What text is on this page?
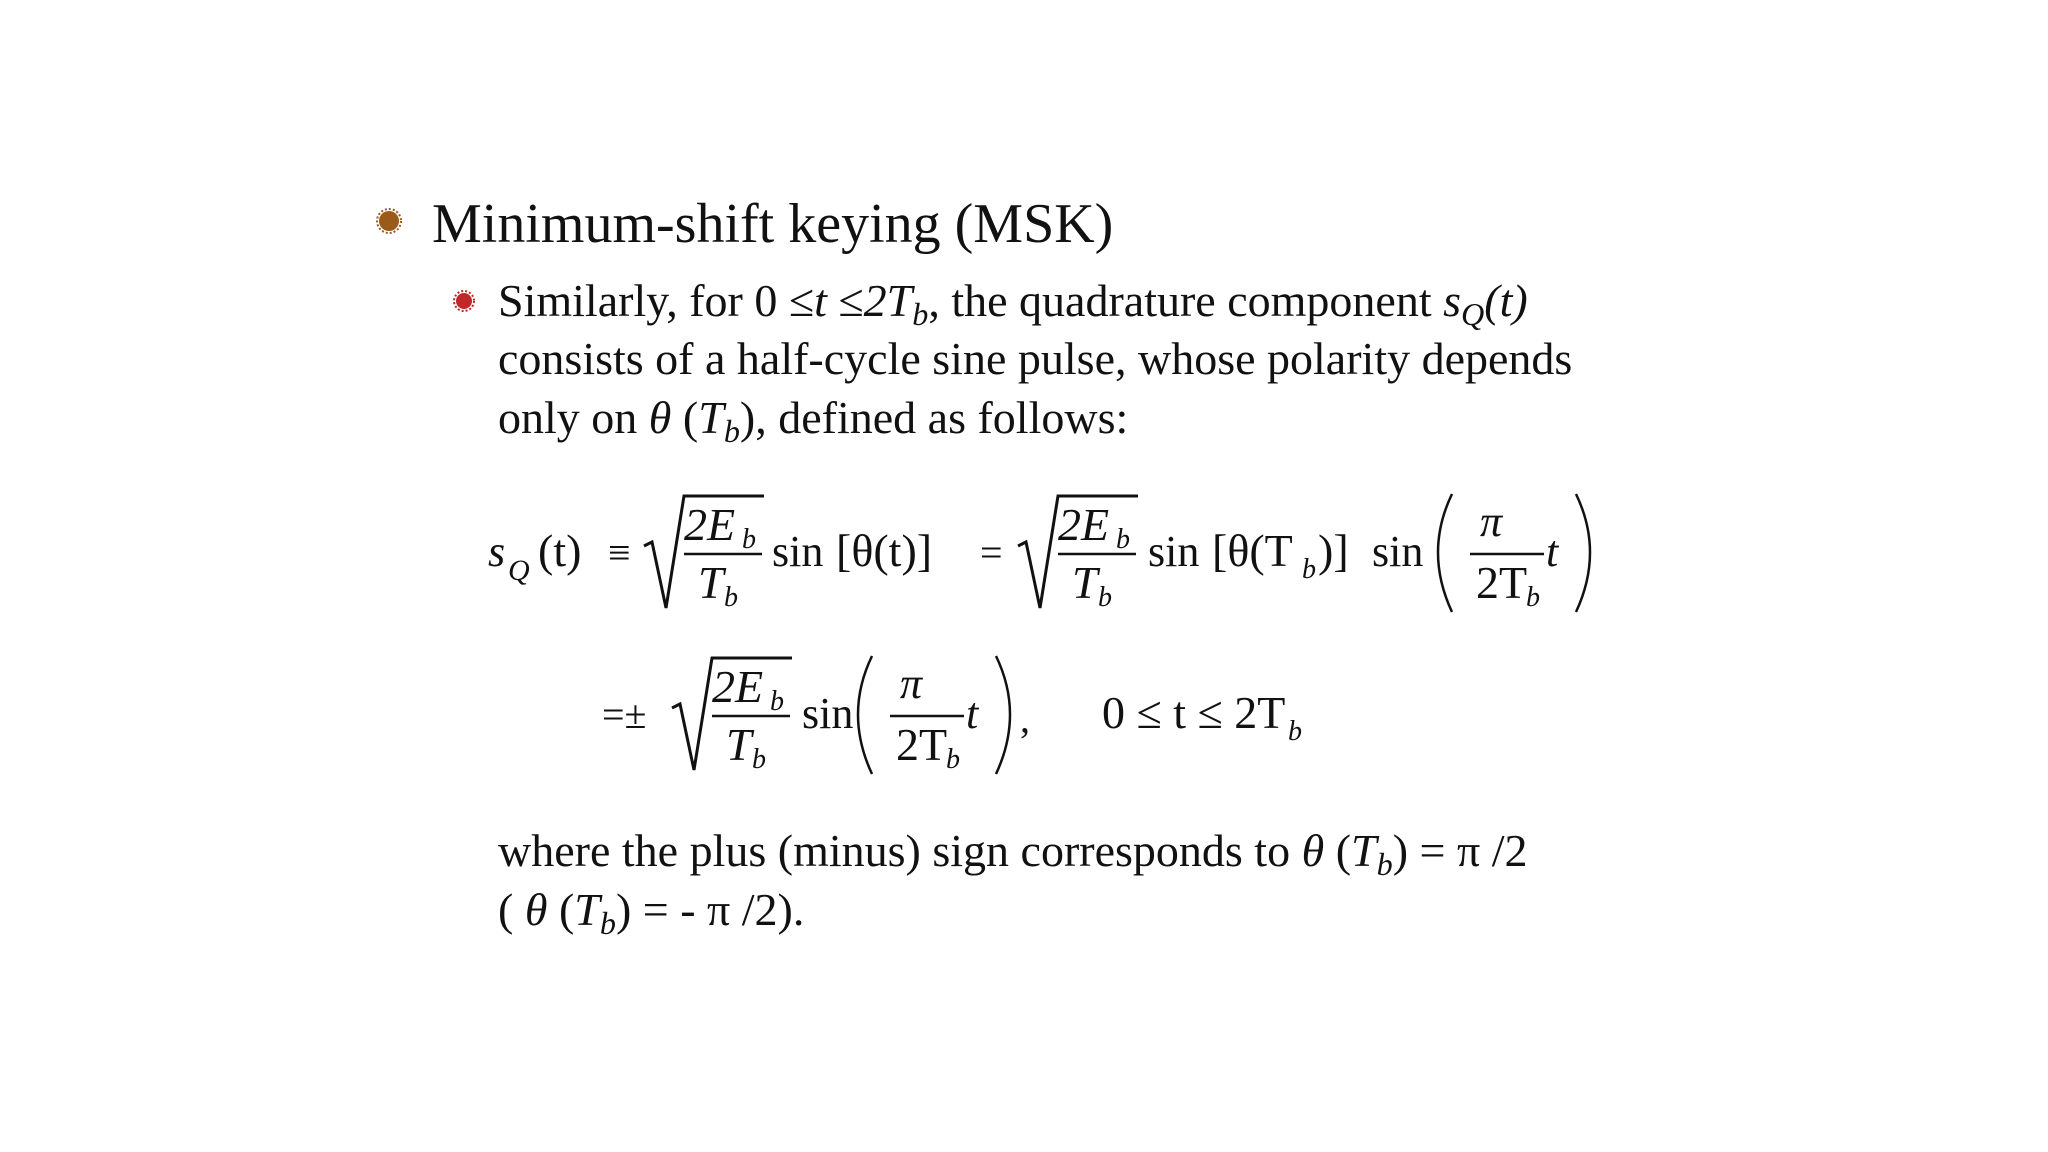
Minimum-shift keying (MSK)
Similarly, for $0 \le t \le 2T_b$, the quadrature component $s_Q(t)$
consists of a half-cycle sine pulse, whose polarity depends
only on θ $(T_b)$, defined as follows:
s Q (t) ≡
2E b
T b
sin [θ(t)] =
2E b
T b
sin [θ(T b )] sin
π
2T
b
t
=±
2E b
T b
sin
π
2T
b
t , 0 ≤ t ≤ 2T b
where the plus (minus) sign corresponds to θ $(T_b) = \pi$ /2
( θ $(T_b)$ = - π /2).
